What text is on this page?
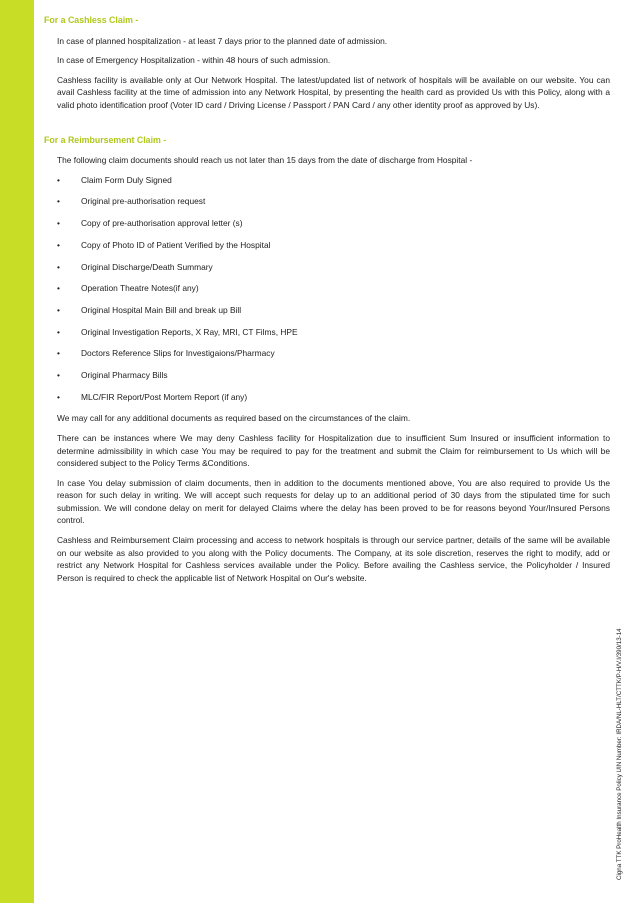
For a Cashless Claim -

In case of planned hospitalization - at least 7 days prior to the planned date of admission.

In case of Emergency Hospitalization - within 48 hours of such admission.

Cashless facility is available only at Our Network Hospital. The latest/updated list of network of hospitals will be available on our website. You can avail Cashless facility at the time of admission into any Network Hospital, by presenting the health card as provided Us with this Policy, along with a valid photo identification proof (Voter ID card / Driving License / Passport / PAN Card / any other identity proof as approved by Us).

For a Reimbursement Claim -

The following claim documents should reach us not later than 15 days from the date of discharge from Hospital -

•	Claim Form Duly Signed
•	Original pre-authorisation request
•	Copy of pre-authorisation approval letter (s)
•	Copy of Photo ID of Patient Verified by the Hospital
•	Original Discharge/Death Summary
•	Operation Theatre Notes(if any)
•	Original Hospital Main Bill and break up Bill
•	Original Investigation Reports, X Ray, MRI, CT Films, HPE
•	Doctors Reference Slips for Investigaions/Pharmacy
•	Original Pharmacy Bills
•	MLC/FIR Report/Post Mortem Report (if any)

We may call for any additional documents as required based on the circumstances of the claim.

There can be instances where We may deny Cashless facility for Hospitalization due to insufficient Sum Insured or insufficient information to determine admissibility in which case You may be required to pay for the treatment and submit the Claim for reimbursement to Us which will be considered subject to the Policy Terms &Conditions.

In case You delay submission of claim documents, then in addition to the documents mentioned above, You are also required to provide Us the reason for such delay in writing. We will accept such requests for delay up to an additional period of 30 days from the stipulated time for such submission. We will condone delay on merit for delayed Claims where the delay has been proved to be for reasons beyond Your/Insured Persons control.

Cashless and Reimbursement Claim processing and access to network hospitals is through our service partner, details of the same will be available on our website as also provided to you along with the Policy documents. The Company, at its sole discretion, reserves the right to modify, add or restrict any Network Hospital for Cashless services available under the Policy. Before availing the Cashless service, the Policyholder / Insured Person is required to check the applicable list of Network Hospital on Our's website.

Cigna TTK ProHealth Insurance Policy UIN Number: IRDA/NL-HLT/CTTK/P-H/V.I/390/13-14
